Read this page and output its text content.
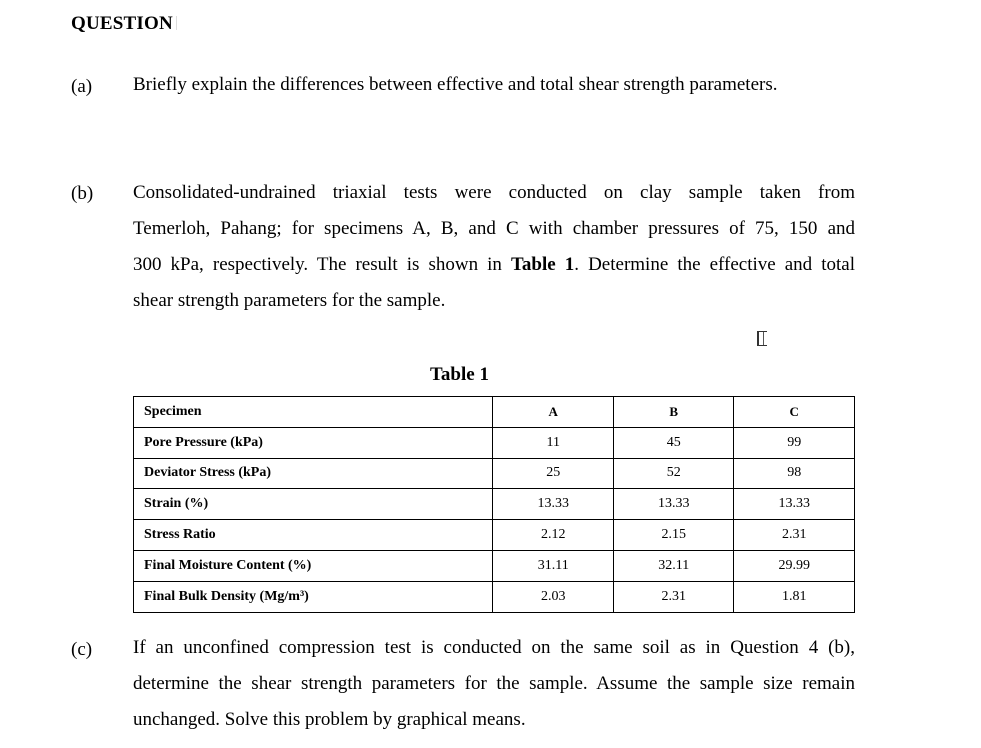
QUESTION
(a) Briefly explain the differences between effective and total shear strength parameters.
(b) Consolidated-undrained triaxial tests were conducted on clay sample taken from
Temerloh, Pahang; for specimens A, B, and C with chamber pressures of 75, 150 and
300 kPa, respectively. The result is shown in Table 1. Determine the effective and total
shear strength parameters for the sample.
Table 1
Specimen	A	B	C
Pore Pressure (kPa)	11	45	99
Deviator Stress (kPa)	25	52	98
Strain (%)	13.33	13.33	13.33
Stress Ratio	2.12	2.15	2.31
Final Moisture Content (%)	31.11	32.11	29.99
Final Bulk Density (Mg/m³)	2.03	2.31	1.81
(c) If an unconfined compression test is conducted on the same soil as in Question 4 (b),
determine the shear strength parameters for the sample. Assume the sample size remain
unchanged. Solve this problem by graphical means.
